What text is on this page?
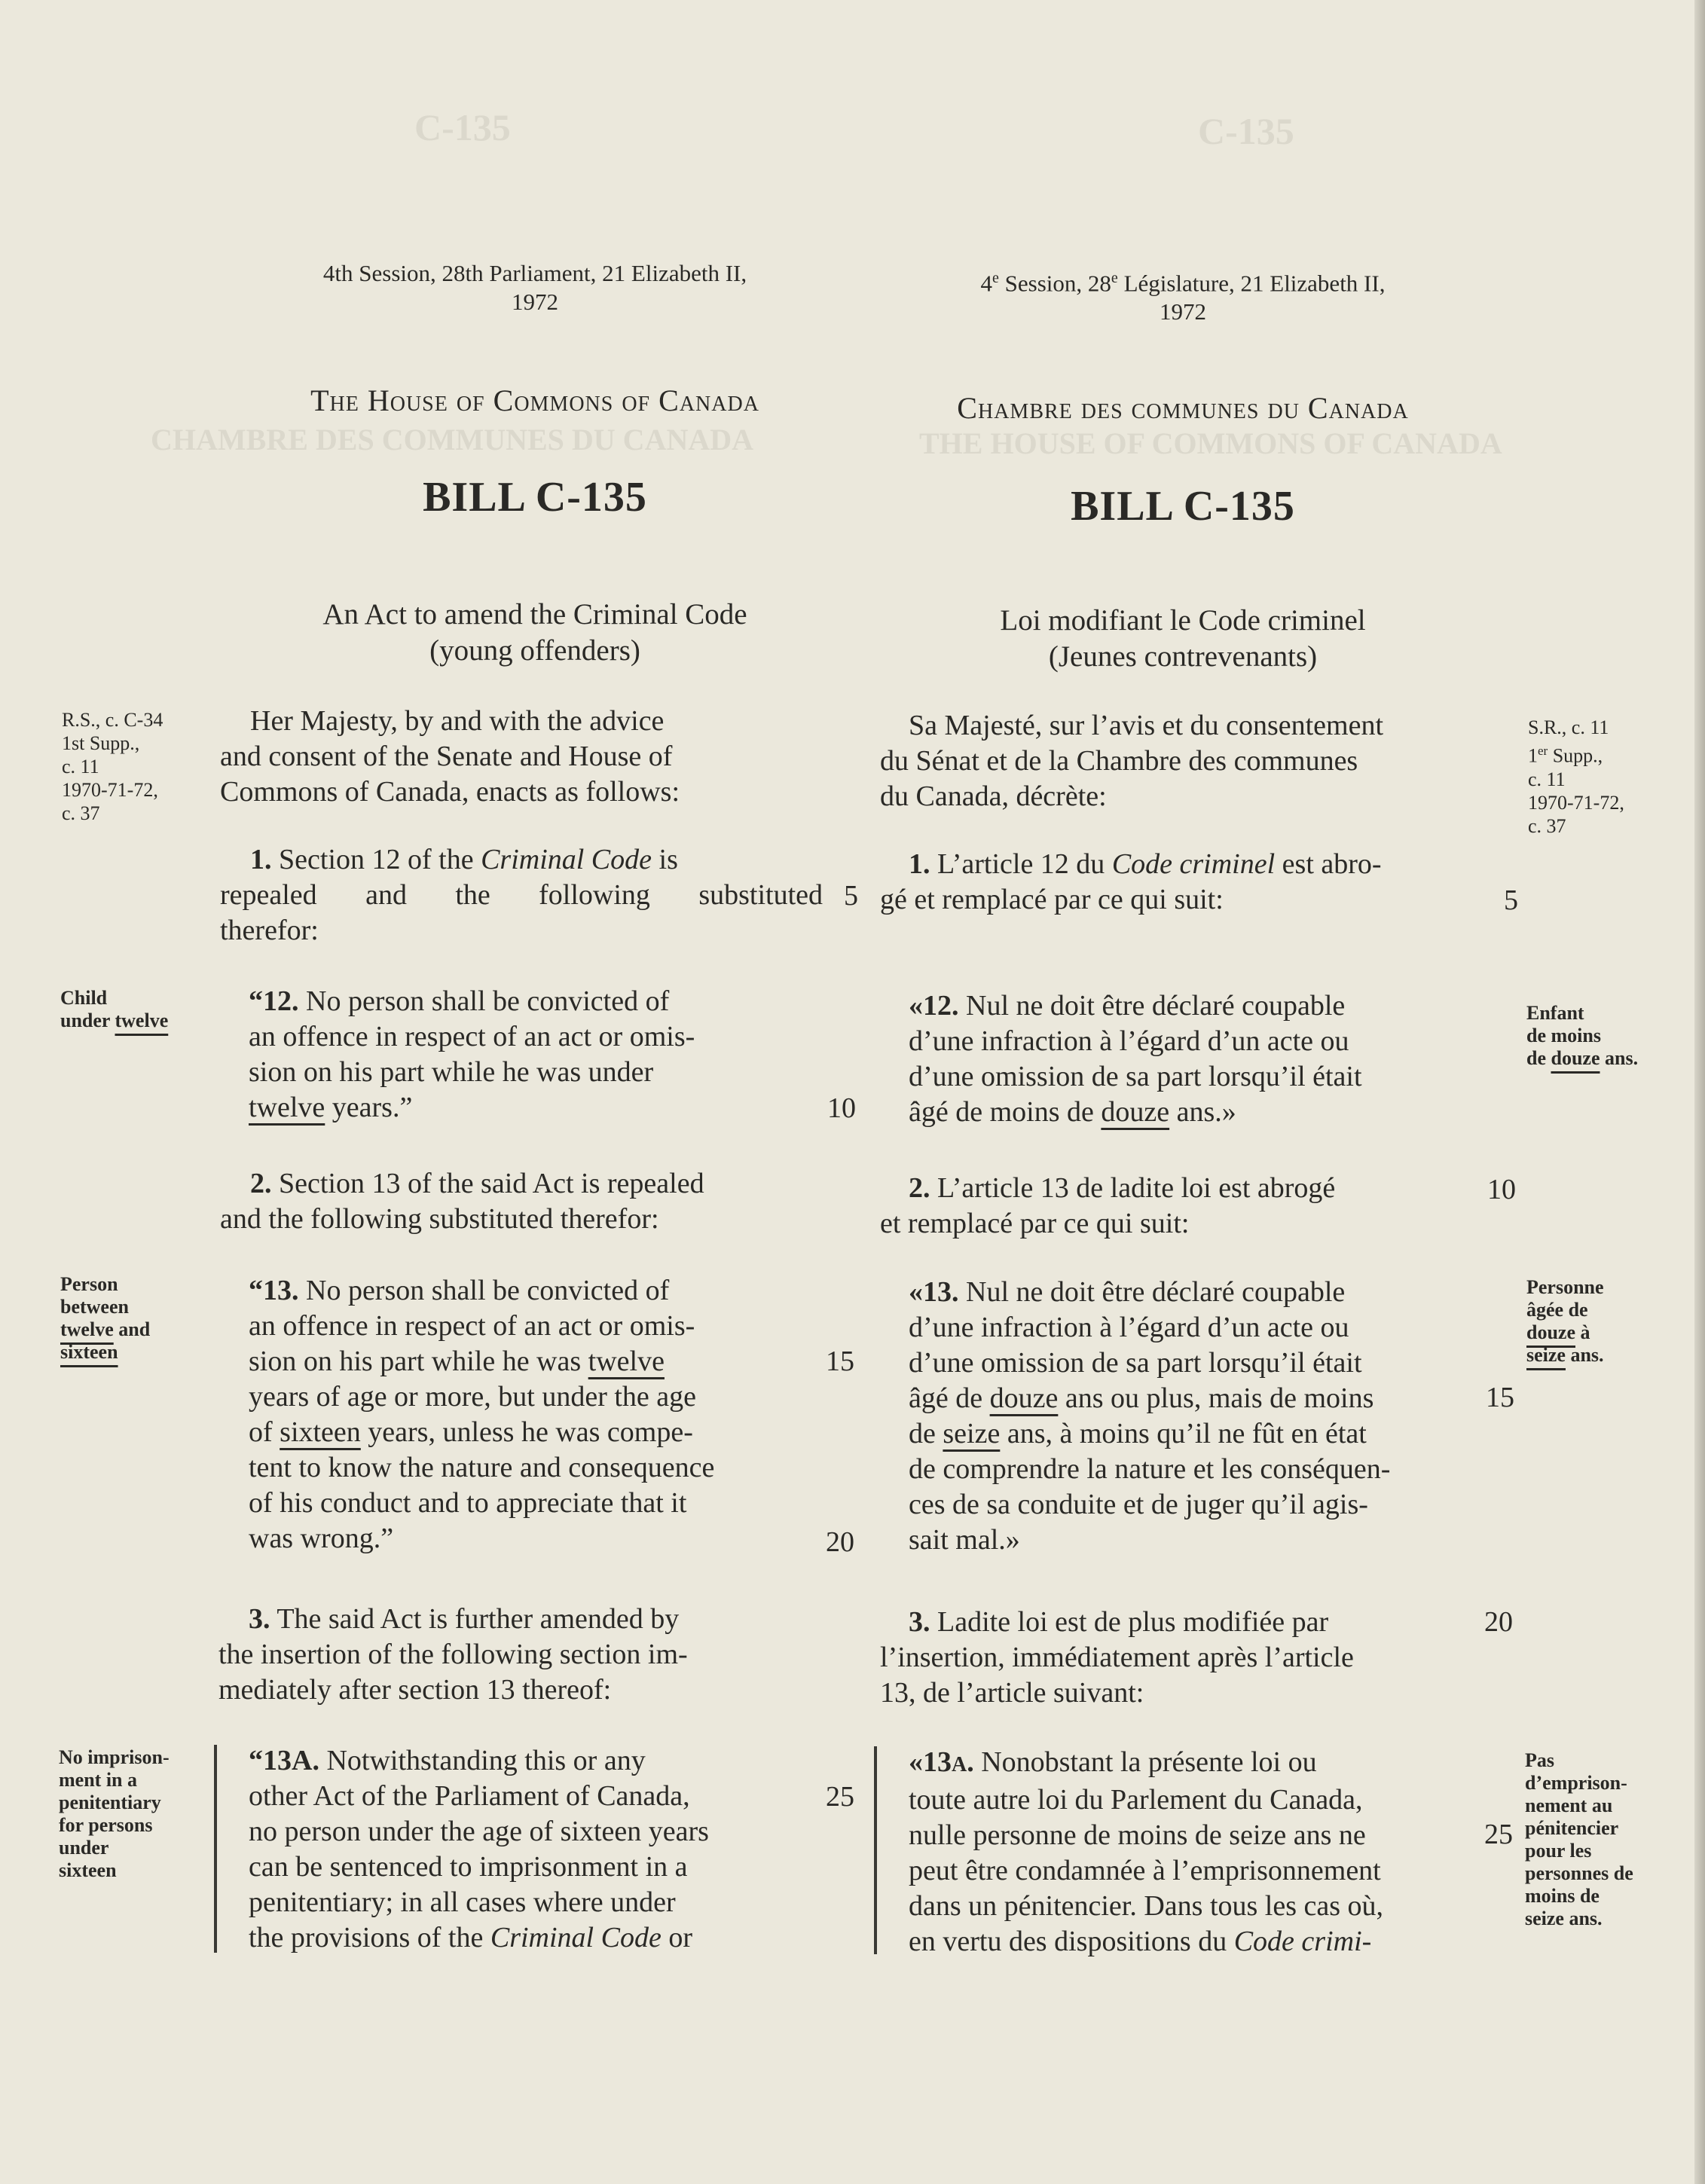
C-135	C-135
CHAMBRE DES COMMUNES DU CANADA	THE HOUSE OF COMMONS OF CANADA
4th Session, 28th Parliament, 21 Elizabeth II,
1972
4e Session, 28e Législature, 21 Elizabeth II,
1972
The House of Commons of Canada	Chambre des communes du Canada
BILL C-135	BILL C-135
An Act to amend the Criminal Code
(young offenders)
Loi modifiant le Code criminel
(Jeunes contrevenants)
R.S., c. C-34
1st Supp.,
c. 11
1970-71-72,
c. 37
Child
under twelve
Person
between
twelve and
sixteen
No imprison-
ment in a
penitentiary
for persons
under
sixteen
Her Majesty, by and with the advice
and consent of the Senate and House of
Commons of Canada, enacts as follows:
1. Section 12 of the Criminal Code is
repealed and the following substituted
therefor:
“12. No person shall be convicted of
an offence in respect of an act or omis-
sion on his part while he was under
twelve years.”
2. Section 13 of the said Act is repealed
and the following substituted therefor:
“13. No person shall be convicted of
an offence in respect of an act or omis-
sion on his part while he was twelve
years of age or more, but under the age
of sixteen years, unless he was compe-
tent to know the nature and consequence
of his conduct and to appreciate that it
was wrong.”
3. The said Act is further amended by
the insertion of the following section im-
mediately after section 13 thereof:
“13A. Notwithstanding this or any
other Act of the Parliament of Canada,
no person under the age of sixteen years
can be sentenced to imprisonment in a
penitentiary; in all cases where under
the provisions of the Criminal Code or
5
10
15
20
25
Sa Majesté, sur l’avis et du consentement
du Sénat et de la Chambre des communes
du Canada, décrète:
1. L’article 12 du Code criminel est abro-
gé et remplacé par ce qui suit:
«12. Nul ne doit être déclaré coupable
d’une infraction à l’égard d’un acte ou
d’une omission de sa part lorsqu’il était
âgé de moins de douze ans.»
2. L’article 13 de ladite loi est abrogé
et remplacé par ce qui suit:
«13. Nul ne doit être déclaré coupable
d’une infraction à l’égard d’un acte ou
d’une omission de sa part lorsqu’il était
âgé de douze ans ou plus, mais de moins
de seize ans, à moins qu’il ne fût en état
de comprendre la nature et les conséquen-
ces de sa conduite et de juger qu’il agis-
sait mal.»
3. Ladite loi est de plus modifiée par
l’insertion, immédiatement après l’article
13, de l’article suivant:
«13A. Nonobstant la présente loi ou
toute autre loi du Parlement du Canada,
nulle personne de moins de seize ans ne
peut être condamnée à l’emprisonnement
dans un pénitencier. Dans tous les cas où,
en vertu des dispositions du Code crimi-
5
10
15
20
25
S.R., c. 11
1er Supp.,
c. 11
1970-71-72,
c. 37
Enfant
de moins
de douze ans.
Personne
âgée de
douze à
seize ans.
Pas
d’emprison-
nement au
pénitencier
pour les
personnes de
moins de
seize ans.
